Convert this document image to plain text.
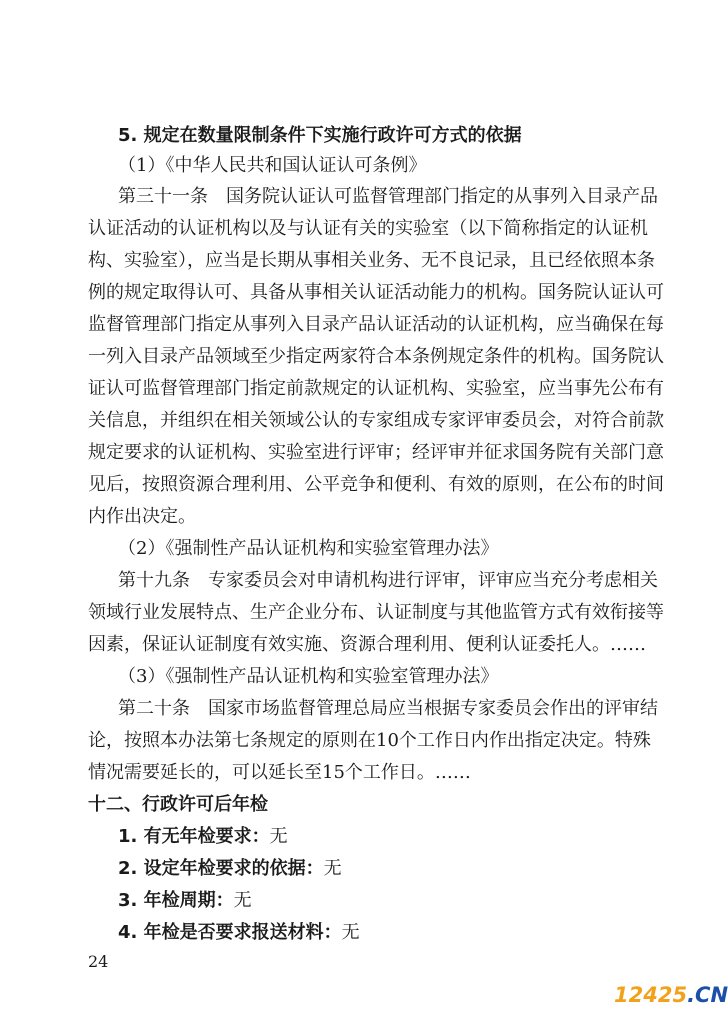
5. 规定在数量限制条件下实施行政许可方式的依据
（1）《中华人民共和国认证认可条例》
第三十一条　国务院认证认可监督管理部门指定的从事列入目录产品
认证活动的认证机构以及与认证有关的实验室（以下简称指定的认证机
构、实验室），应当是长期从事相关业务、无不良记录，且已经依照本条
例的规定取得认可、具备从事相关认证活动能力的机构。国务院认证认可
监督管理部门指定从事列入目录产品认证活动的认证机构，应当确保在每
一列入目录产品领域至少指定两家符合本条例规定条件的机构。国务院认
证认可监督管理部门指定前款规定的认证机构、实验室，应当事先公布有
关信息，并组织在相关领域公认的专家组成专家评审委员会，对符合前款
规定要求的认证机构、实验室进行评审；经评审并征求国务院有关部门意
见后，按照资源合理利用、公平竞争和便利、有效的原则，在公布的时间
内作出决定。
（2）《强制性产品认证机构和实验室管理办法》
第十九条　专家委员会对申请机构进行评审，评审应当充分考虑相关
领域行业发展特点、生产企业分布、认证制度与其他监管方式有效衔接等
因素，保证认证制度有效实施、资源合理利用、便利认证委托人。……
（3）《强制性产品认证机构和实验室管理办法》
第二十条　国家市场监督管理总局应当根据专家委员会作出的评审结
论，按照本办法第七条规定的原则在10个工作日内作出指定决定。特殊
情况需要延长的，可以延长至15个工作日。……
十二、行政许可后年检
1. 有无年检要求：无
2. 设定年检要求的依据：无
3. 年检周期：无
4. 年检是否要求报送材料：无
24
12425.CN
